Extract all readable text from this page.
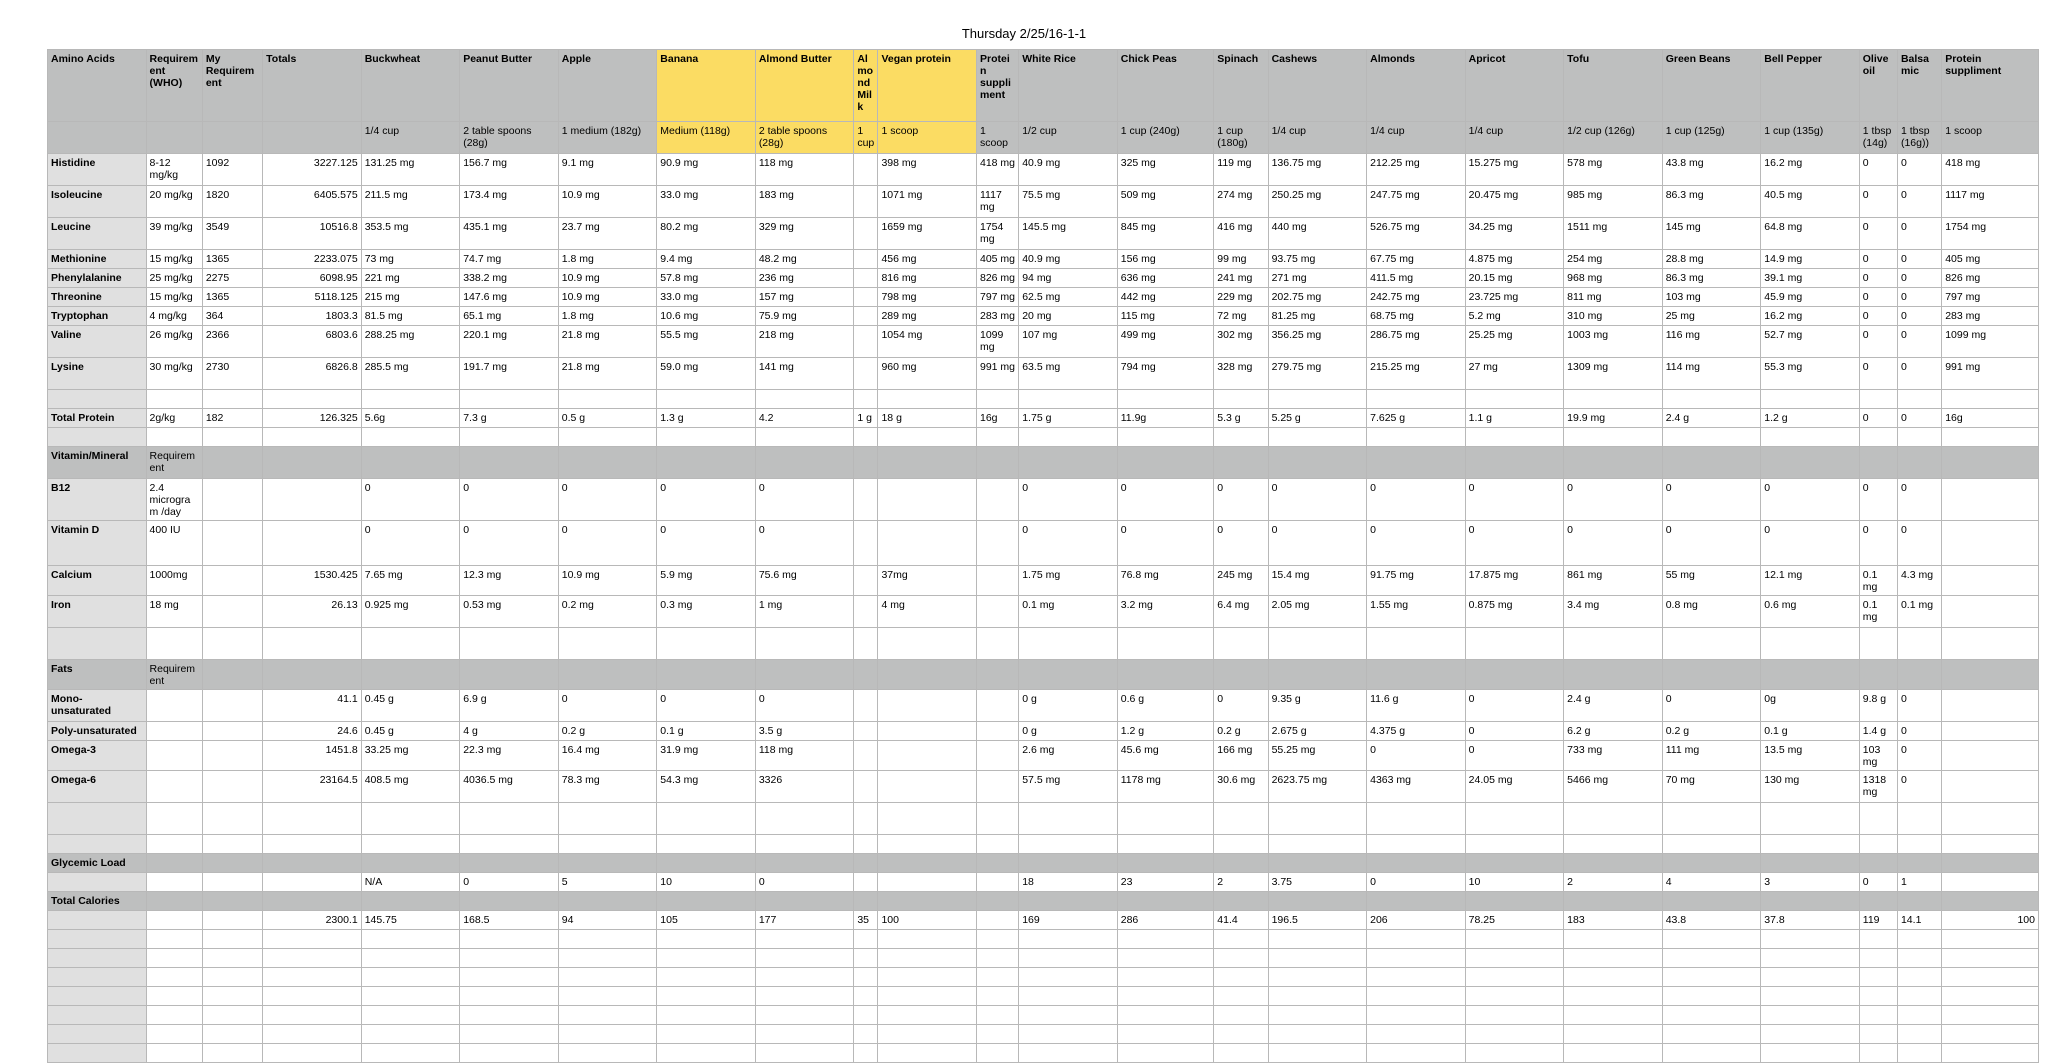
Thursday 2/25/16-1-1
Amino Acids	Requirement (WHO)	My Requirement	Totals	Buckwheat	Peanut Butter	Apple	Banana	Almond Butter	Almond Milk	Vegan protein	Protein suppliment	White Rice	Chick Peas	Spinach	Cashews	Almonds	Apricot	Tofu	Green Beans	Bell Pepper	Olive oil	Balsamic	Protein suppliment
				1/4 cup	2 table spoons (28g)	1 medium (182g)	Medium (118g)	2 table spoons (28g)	1 cup	1 scoop	1 scoop	1/2 cup	1 cup (240g)	1 cup (180g)	1/4 cup	1/4 cup	1/4 cup	1/2 cup (126g)	1 cup (125g)	1 cup (135g)	1 tbsp (14g)	1 tbsp (16g))	1 scoop
Histidine	8-12 mg/kg	1092	3227.125	131.25 mg	156.7 mg	9.1 mg	90.9 mg	118 mg		398 mg	418 mg	40.9 mg	325 mg	119 mg	136.75 mg	212.25 mg	15.275 mg	578 mg	43.8 mg	16.2 mg	0	0	418 mg
Isoleucine	20 mg/kg	1820	6405.575	211.5 mg	173.4 mg	10.9 mg	33.0 mg	183 mg		1071 mg	1117 mg	75.5 mg	509 mg	274 mg	250.25 mg	247.75 mg	20.475 mg	985 mg	86.3 mg	40.5 mg	0	0	1117 mg
Leucine	39 mg/kg	3549	10516.8	353.5 mg	435.1 mg	23.7 mg	80.2 mg	329 mg		1659 mg	1754 mg	145.5 mg	845 mg	416 mg	440 mg	526.75 mg	34.25 mg	1511 mg	145 mg	64.8 mg	0	0	1754 mg
Methionine	15 mg/kg	1365	2233.075	73 mg	74.7 mg	1.8 mg	9.4 mg	48.2 mg		456 mg	405 mg	40.9 mg	156 mg	99 mg	93.75 mg	67.75 mg	4.875 mg	254 mg	28.8 mg	14.9 mg	0	0	405 mg
Phenylalanine	25 mg/kg	2275	6098.95	221 mg	338.2 mg	10.9 mg	57.8 mg	236 mg		816 mg	826 mg	94 mg	636 mg	241 mg	271 mg	411.5 mg	20.15 mg	968 mg	86.3 mg	39.1 mg	0	0	826 mg
Threonine	15 mg/kg	1365	5118.125	215 mg	147.6 mg	10.9 mg	33.0 mg	157 mg		798 mg	797 mg	62.5 mg	442 mg	229 mg	202.75 mg	242.75 mg	23.725 mg	811 mg	103 mg	45.9 mg	0	0	797 mg
Tryptophan	4 mg/kg	364	1803.3	81.5 mg	65.1 mg	1.8 mg	10.6 mg	75.9 mg		289 mg	283 mg	20 mg	115 mg	72 mg	81.25 mg	68.75 mg	5.2 mg	310 mg	25 mg	16.2 mg	0	0	283 mg
Valine	26 mg/kg	2366	6803.6	288.25 mg	220.1 mg	21.8 mg	55.5 mg	218 mg		1054 mg	1099 mg	107 mg	499 mg	302 mg	356.25 mg	286.75 mg	25.25 mg	1003 mg	116 mg	52.7 mg	0	0	1099 mg
Lysine	30 mg/kg	2730	6826.8	285.5 mg	191.7 mg	21.8 mg	59.0 mg	141 mg		960 mg	991 mg	63.5 mg	794 mg	328 mg	279.75 mg	215.25 mg	27 mg	1309 mg	114 mg	55.3 mg	0	0	991 mg

Total Protein	2g/kg	182	126.325	5.6g	7.3 g	0.5 g	1.3 g	4.2	1 g	18 g	16g	1.75 g	11.9g	5.3 g	5.25 g	7.625 g	1.1 g	19.9 mg	2.4 g	1.2 g	0	0	16g

Vitamin/Mineral	Requirement																						
B12	2.4 microgram /day			0	0	0	0	0				0	0	0	0	0	0	0	0	0	0	0	
Vitamin D	400 IU			0	0	0	0	0				0	0	0	0	0	0	0	0	0	0	0	
Calcium	1000mg		1530.425	7.65 mg	12.3 mg	10.9 mg	5.9 mg	75.6 mg		37mg		1.75 mg	76.8 mg	245 mg	15.4 mg	91.75 mg	17.875 mg	861 mg	55 mg	12.1 mg	0.1 mg	4.3 mg	
Iron	18 mg		26.13	0.925 mg	0.53 mg	0.2 mg	0.3 mg	1 mg		4 mg		0.1 mg	3.2 mg	6.4 mg	2.05 mg	1.55 mg	0.875 mg	3.4 mg	0.8 mg	0.6 mg	0.1 mg	0.1 mg	

Fats	Requirement																						
Mono-unsaturated			41.1	0.45 g	6.9 g	0	0	0				0 g	0.6 g	0	9.35 g	11.6 g	0	2.4 g	0	0g	9.8 g	0	
Poly-unsaturated			24.6	0.45 g	4 g	0.2 g	0.1 g	3.5 g				0 g	1.2 g	0.2 g	2.675 g	4.375 g	0	6.2 g	0.2 g	0.1 g	1.4 g	0	
Omega-3			1451.8	33.25 mg	22.3 mg	16.4 mg	31.9 mg	118 mg				2.6 mg	45.6 mg	166 mg	55.25 mg	0	0	733 mg	111 mg	13.5 mg	103 mg	0	
Omega-6			23164.5	408.5 mg	4036.5 mg	78.3 mg	54.3 mg	3326				57.5 mg	1178 mg	30.6 mg	2623.75 mg	4363 mg	24.05 mg	5466 mg	70 mg	130 mg	1318 mg	0	

Glycemic Load																							
				N/A	0	5	10	0				18	23	2	3.75	0	10	2	4	3	0	1	
Total Calories																							
			2300.1	145.75	168.5	94	105	177	35	100		169	286	41.4	196.5	206	78.25	183	43.8	37.8	119	14.1	100
